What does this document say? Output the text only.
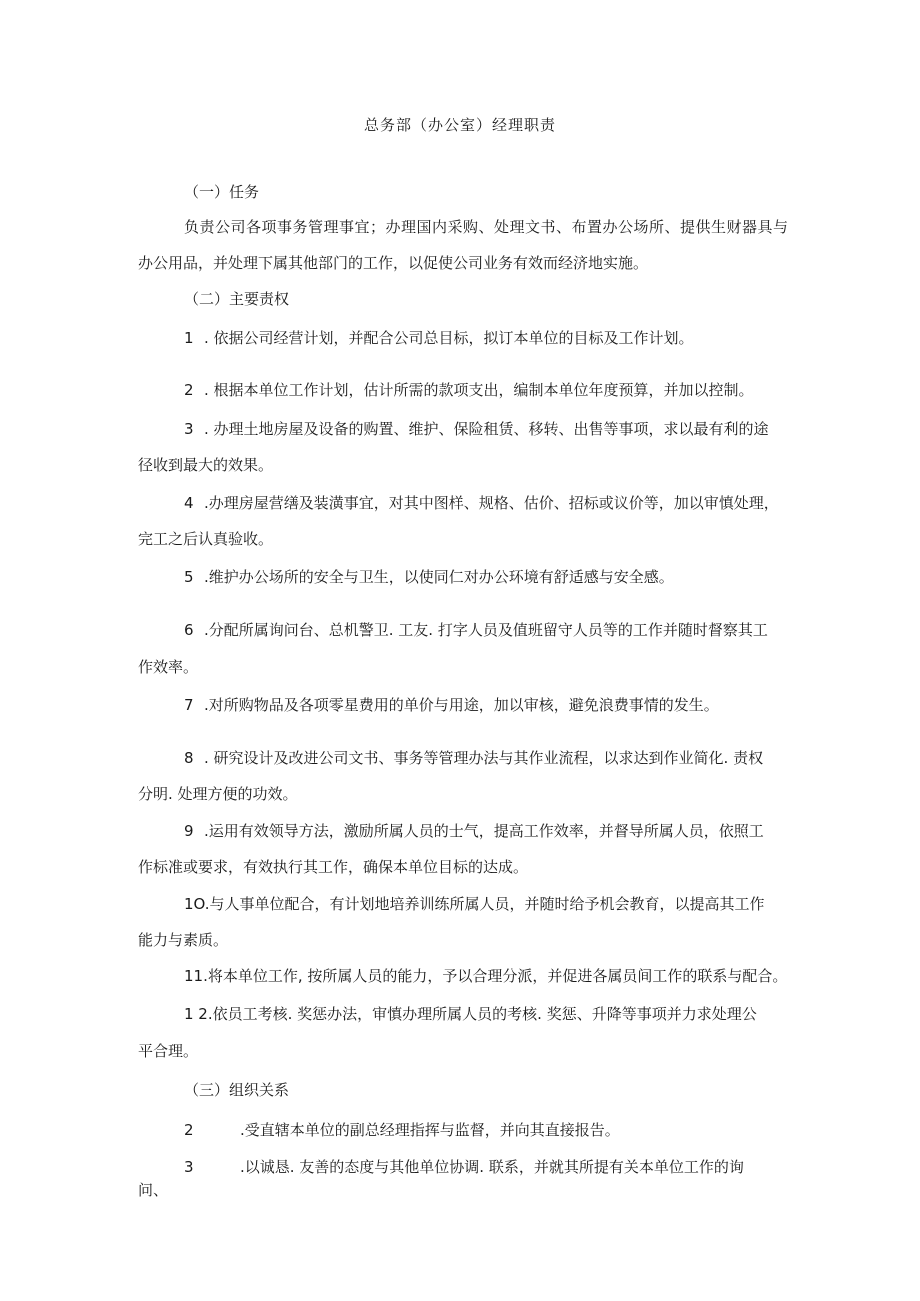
总务部（办公室）经理职责
（一）任务
负责公司各项事务管理事宜；办理国内采购、处理文书、布置办公场所、提供生财器具与
办公用品，并处理下属其他部门的工作，以促使公司业务有效而经济地实施。
（二）主要责权
1 . 依据公司经营计划，并配合公司总目标，拟订本单位的目标及工作计划。
2 . 根据本单位工作计划，估计所需的款项支出，编制本单位年度预算，并加以控制。
3 . 办理土地房屋及设备的购置、维护、保险租赁、移转、出售等事项，求以最有利的途
径收到最大的效果。
4 .办理房屋营缮及装潢事宜，对其中图样、规格、估价、招标或议价等，加以审慎处理，
完工之后认真验收。
5 .维护办公场所的安全与卫生，以使同仁对办公环境有舒适感与安全感。
6 .分配所属询问台、总机警卫. 工友. 打字人员及值班留守人员等的工作并随时督察其工
作效率。
7 .对所购物品及各项零星费用的单价与用途，加以审核，避免浪费事情的发生。
8 . 研究设计及改进公司文书、事务等管理办法与其作业流程，以求达到作业简化. 责权
分明. 处理方便的功效。
9 .运用有效领导方法，激励所属人员的士气，提高工作效率，并督导所属人员，依照工
作标准或要求，有效执行其工作，确保本单位目标的达成。
1O.与人事单位配合，有计划地培养训练所属人员，并随时给予机会教育，以提高其工作
能力与素质。
11.将本单位工作, 按所属人员的能力，予以合理分派，并促进各属员间工作的联系与配合。
1 2.依员工考核. 奖惩办法，审慎办理所属人员的考核. 奖惩、升降等事项并力求处理公
平合理。
（三）组织关系
2	.受直辖本单位的副总经理指挥与监督，并向其直接报告。
3	.以诚恳. 友善的态度与其他单位协调. 联系，并就其所提有关本单位工作的询
问、
